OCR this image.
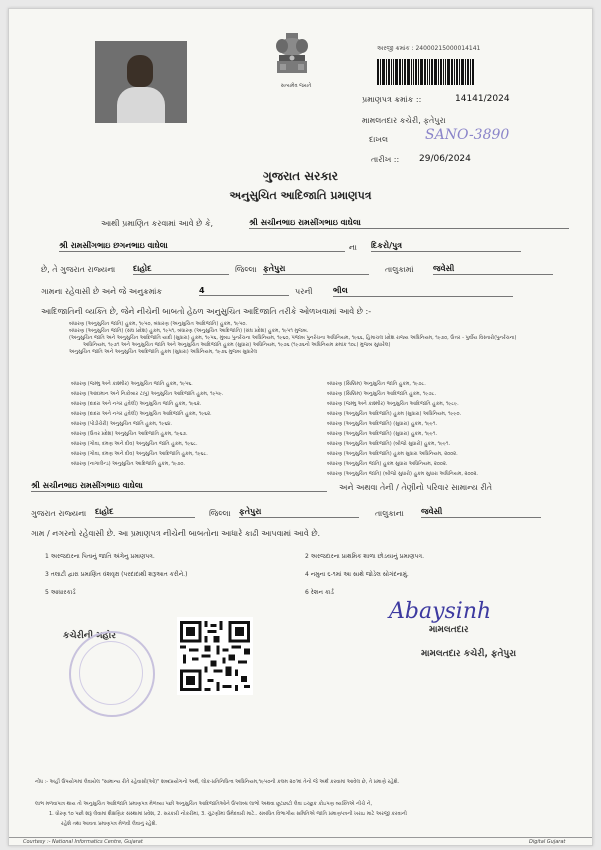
સત્યમેવ જયતે
અરજી ક્રમાંક : 24000215000014141
પ્રમાણપત્ર ક્રમાંક ::	14141/2024
મામલતદાર કચેરી, ફતેપુરા
દાખલ	SANO-3890
તારીખ :: 29/06/2024
ગુજરાત સરકાર
અનુસુચિત આદિજાતિ પ્રમાણપત્ર
આથી પ્રમાણિત કરવામાં આવે છે કે,	શ્રી સચીનભાઇ રામસીંગભાઇ વાઘેલા
શ્રી રામસીંગભાઇ છગનભાઇ વાઘેલા	ના દિકરો/પુત્ર
છે, તે ગુજરાત રાજ્યના દાહોદ	જિલ્લા ફતેપુરા	તાલુકામાં જવેસી
ગામના રહેવાસી છે અને જે અનુક્રમાંક	4	પરની	ભીલ
આદિજાતિની વ્યક્તિ છે, જેને નીચેની બાબતો હેઠળ અનુસુચિત આદિજાતિ તરીકે ઓળખવામાં આવે છે :-
બંધારણ (અનુસુચિત જાતિ) હુકમ, ૧૯૫૦, બંધારણ (અનુસુચિત આદિજાતિ) હુકમ, ૧૯૫૦.
બંધારણ (અનુસુચિત જાતિ) (સંઘ પ્રદેશ) હુકમ, ૧૯૫૧, બંધારણ (અનુસુચિત આદિજાતિ) (સંઘ પ્રદેશ) હુકમ, ૧૯૫૧ મુજબ.
(અનુસુચિત જાતિ અને અનુસુચિત આદિજાતિ યાદી (સુધારા) હુકમ, ૧૯૫૬, મુંબઇ પુનર્રચના અધિનિયમ, ૧૯૬૦, પંજાબ પુનર્રચના અધિનિયમ, ૧૯૬૬, હિમાચલ પ્રદેશ રાજ્ય અધિનિયમ, ૧૯૭૦, ઉત્તર - પુર્વીય વિસ્તારો(પુનર્રચના)
અધિનિયમ, ૧૯૭૧ અને અનુસુચિત જાતિ અને અનુસુચિત આદિજાતિ હુકમ (સુધારા) અધિનિયમ, ૧૯૭૬ (૧૯૭૬નો અધિનિયમ ક્રમાંક ૧૦૮) મુજબ સુધારેલ)
અનુસુચિત જાતિ અને અનુસુચિત આદિજાતિ હુકમ (સુધારા) અધિનિયમ, ૧૯૭૬ મુજબ સુધારેલ
બંધારણ (જમ્મુ અને કાશ્મીર) અનુસુચિત જાતિ હુકમ, ૧૯૫૬.
બંધારણ (આંદામાન અને નિકોબાર ટાપુ) અનુસુચિત આદિજાતિ હુકમ, ૧૯૫૯.
બંધારણ (દાદરા અને નગર હવેલી) અનુસુચિત જાતિ હુકમ, ૧૯૬૨.
બંધારણ (દાદરા અને નગર હવેલી) અનુસુચિત આદિજાતિ હુકમ, ૧૯૬૨.
બંધારણ (પોંડીચેરી) અનુસુચિત જાતિ હુકમ, ૧૯૬૪.
બંધારણ (ઉત્તર પ્રદેશ) અનુસુચિત આદિજાતિ હુકમ, ૧૯૬૭.
બંધારણ (ગોવા, દમણ અને દીવ) અનુસુચિત જાતિ હુકમ, ૧૯૬૮.
બંધારણ (ગોવા, દમણ અને દીવ) અનુસુચિત આદિજાતિ હુકમ, ૧૯૬૮.
બંધારણ (નાગાલેન્ડ) અનુસુચિત આદિજાતિ હુકમ, ૧૯૭૦.
બંધારણ (સિક્કિમ) અનુસુચિત જાતિ હુકમ, ૧૯૭૮.
બંધારણ (સિક્કિમ) અનુસુચિત આદિજાતિ હુકમ, ૧૯૭૮.
બંધારણ (જમ્મુ અને કાશ્મીર) અનુસુચિત આદિજાતિ હુકમ, ૧૯૮૯.
બંધારણ (અનુસુચિત આદિજાતિ) હુકમ (સુધારા) અધિનિયમ, ૧૯૯૦.
બંધારણ (અનુસુચિત આદિજાતિ) (સુધારા) હુકમ, ૧૯૯૧.
બંધારણ (અનુસુચિત આદિજાતિ) (સુધારા) હુકમ, ૧૯૯૧.
બંધારણ (અનુસુચિત આદિજાતિ) (બીજો સુધારો) હુકમ, ૧૯૯૧.
બંધારણ (અનુસુચિત આદિજાતિ) હુકમ સુધારા અધિનિયમ, ૨૦૦૨.
બંધારણ (અનુસુચિત જાતિ) હુકમ સુધારા અધિનિયમ, ૨૦૦૨.
બંધારણ (અનુસુચિત જાતિ) (બીજો સુધારો) હુકમ સુધારા અધિનિયમ, ૨૦૦૨.
શ્રી સચીનભાઇ રામસીંગભાઇ વાઘેલા	અને અથવા તેની / તેણીનો પરિવાર સામાન્ય રીતે
ગુજરાત રાજ્યના દાહોદ	જિલ્લા ફતેપુરા	તાલુકાના જવેસી
ગામ / નગરનો રહેવાસી છે. આ પ્રમાણપત્ર નીચેની બાબતોના આધારે કાઢી આપવામાં આવે છે.
1 અરજદારના પિતાનું જાતિ અંગેનુ પ્રમાણપત્ર.	2 અરજદારના પ્રાથમિક શાળા છોડયાનું પ્રમાણપત્ર.
3 તલાટી દ્વારા પ્રમાણિત વંશવૃક્ષ (પરદાદાથી શરૂઆત કરીને.)	4 નમુના ૬-૧માં આ સાથે જોડેલ સોગંદનામું.
5 આધારકાર્ડ	6 રેશન કાર્ડ
કચેરીની મહોર
Abaysinh
મામલતદાર
મામલતદાર કચેરી, ફતેપુરા
નોંધ :- અહીં ઉપયોગમાં લેવાયેલ "સામાન્ય રીતે રહેવાસી(ઓ)" શબ્દપ્રયોગનો અર્થ, લોક-પ્રતિનિધિત્વ અધિનિયમ,૧૯૫૦ની કલમ ૨૦'માં તેનો જે અર્થ કરવામાં આવેલ છે, તે પ્રમાણે રહેશે.
લાભ મળવાપાત્ર થાય તો અનુસુચિત આદિજાતિ પ્રમાણપત્ર મેળવ્યા પછી અનુસુચિત આદિજાતિઓને ઉપલબ્ધ લાભો અથવા છૂટછાટો લેવા ઇચ્છુક કોઇપણ વ્યક્તિએ નીચે ને,
1. ધોરણ ૧૦ પછી શરૂ લેવામાં શૈક્ષણિક સંસ્થામાં પ્રવેશ, 2. સરકારી નોકરીમાં, 3. ચુંટણીમાં ઉમેદવારી માટે.. સંબંધિત વિભાગીય સમિતિએ જાતિ પ્રમાણપત્રની ખરાઇ માટે અરજી કરવાની
રહેશે તથા આવતા પ્રમાણપત્ર મેળવી લેવાનું રહેશે.
Courtesy :- National Informatics Centre, Gujarat	Digital Gujarat
